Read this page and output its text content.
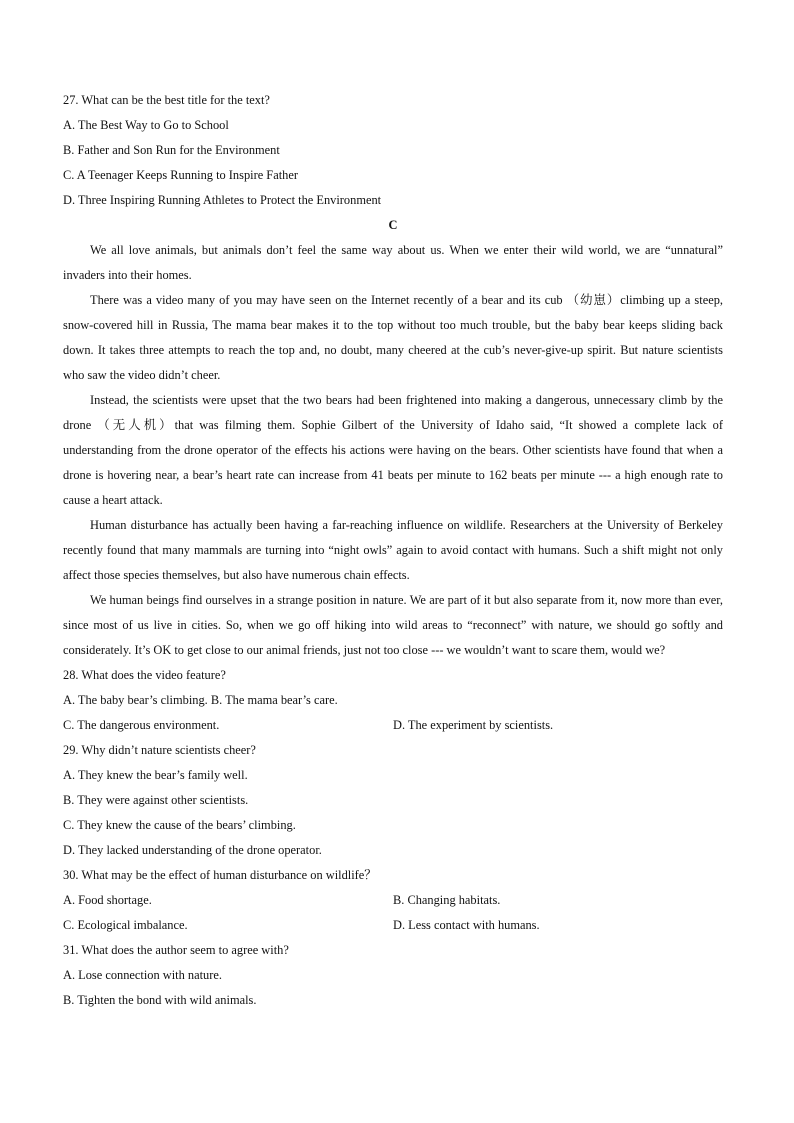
27. What can be the best title for the text?

A. The Best Way to Go to School

B. Father and Son Run for the Environment

C. A Teenager Keeps Running to Inspire Father

D. Three Inspiring Running Athletes to Protect the Environment

C

We all love animals, but animals don’t feel the same way about us. When we enter their wild world, we are “unnatural” invaders into their homes.

There was a video many of you may have seen on the Internet recently of a bear and its cub （幼崽）climbing up a steep, snow-covered hill in Russia, The mama bear makes it to the top without too much trouble, but the baby bear keeps sliding back down. It takes three attempts to reach the top and, no doubt, many cheered at the cub’s never-give-up spirit. But nature scientists who saw the video didn’t cheer.

Instead, the scientists were upset that the two bears had been frightened into making a dangerous, unnecessary climb by the drone （无人机）that was filming them. Sophie Gilbert of the University of Idaho said, “It showed a complete lack of understanding from the drone operator of the effects his actions were having on the bears. Other scientists have found that when a drone is hovering near, a bear’s heart rate can increase from 41 beats per minute to 162 beats per minute --- a high enough rate to cause a heart attack.

Human disturbance has actually been having a far-reaching influence on wildlife. Researchers at the University of Berkeley recently found that many mammals are turning into “night owls” again to avoid contact with humans. Such a shift might not only affect those species themselves, but also have numerous chain effects.

We human beings find ourselves in a strange position in nature. We are part of it but also separate from it, now more than ever, since most of us live in cities. So, when we go off hiking into wild areas to “reconnect” with nature, we should go softly and considerately. It’s OK to get close to our animal friends, just not too close --- we wouldn’t want to scare them, would we?

28. What does the video feature?

A. The baby bear’s climbing. B. The mama bear’s care.

C. The dangerous environment.	D. The experiment by scientists.

29. Why didn’t nature scientists cheer?

A. They knew the bear’s family well.

B. They were against other scientists.

C. They knew the cause of the bears’ climbing.

D. They lacked understanding of the drone operator.

30. What may be the effect of human disturbance on wildlife？

A. Food shortage.	B. Changing habitats.
C. Ecological imbalance.	D. Less contact with humans.

31. What does the author seem to agree with?

A. Lose connection with nature.

B. Tighten the bond with wild animals.
